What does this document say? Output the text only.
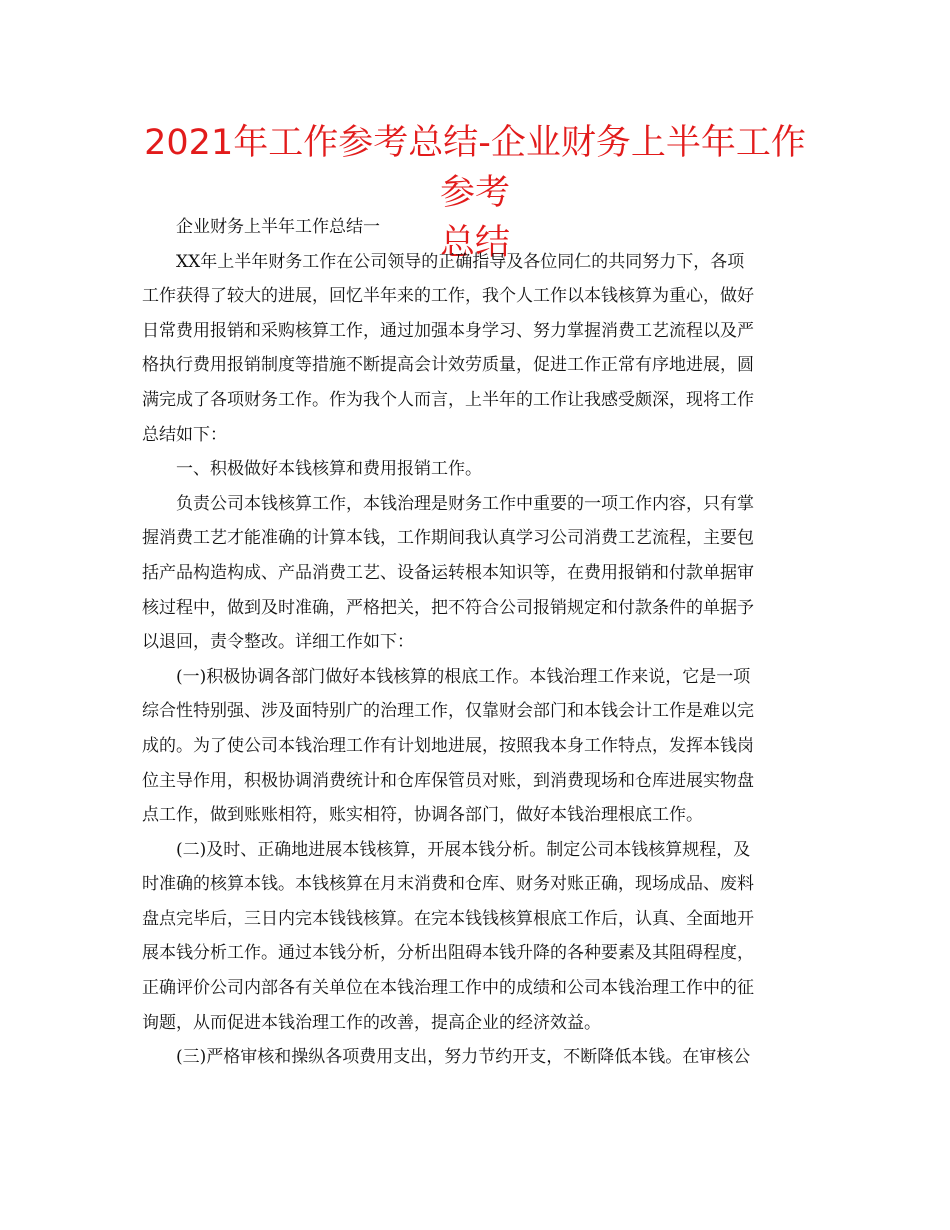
2021年工作参考总结-企业财务上半年工作参考
总结
企业财务上半年工作总结一
XX年上半年财务工作在公司领导的正确指导及各位同仁的共同努力下，各项
工作获得了较大的进展，回忆半年来的工作，我个人工作以本钱核算为重心，做好
日常费用报销和采购核算工作，通过加强本身学习、努力掌握消费工艺流程以及严
格执行费用报销制度等措施不断提高会计效劳质量，促进工作正常有序地进展，圆
满完成了各项财务工作。作为我个人而言，上半年的工作让我感受颇深，现将工作
总结如下：
一、积极做好本钱核算和费用报销工作。
负责公司本钱核算工作，本钱治理是财务工作中重要的一项工作内容，只有掌
握消费工艺才能准确的计算本钱，工作期间我认真学习公司消费工艺流程，主要包
括产品构造构成、产品消费工艺、设备运转根本知识等，在费用报销和付款单据审
核过程中，做到及时准确，严格把关，把不符合公司报销规定和付款条件的单据予
以退回，责令整改。详细工作如下：
(一)积极协调各部门做好本钱核算的根底工作。本钱治理工作来说，它是一项
综合性特别强、涉及面特别广的治理工作，仅靠财会部门和本钱会计工作是难以完
成的。为了使公司本钱治理工作有计划地进展，按照我本身工作特点，发挥本钱岗
位主导作用，积极协调消费统计和仓库保管员对账，到消费现场和仓库进展实物盘
点工作，做到账账相符，账实相符，协调各部门，做好本钱治理根底工作。
(二)及时、正确地进展本钱核算，开展本钱分析。制定公司本钱核算规程，及
时准确的核算本钱。本钱核算在月末消费和仓库、财务对账正确，现场成品、废料
盘点完毕后，三日内完本钱钱核算。在完本钱钱核算根底工作后，认真、全面地开
展本钱分析工作。通过本钱分析，分析出阻碍本钱升降的各种要素及其阻碍程度，
正确评价公司内部各有关单位在本钱治理工作中的成绩和公司本钱治理工作中的征
询题，从而促进本钱治理工作的改善，提高企业的经济效益。
(三)严格审核和操纵各项费用支出，努力节约开支，不断降低本钱。在审核公
